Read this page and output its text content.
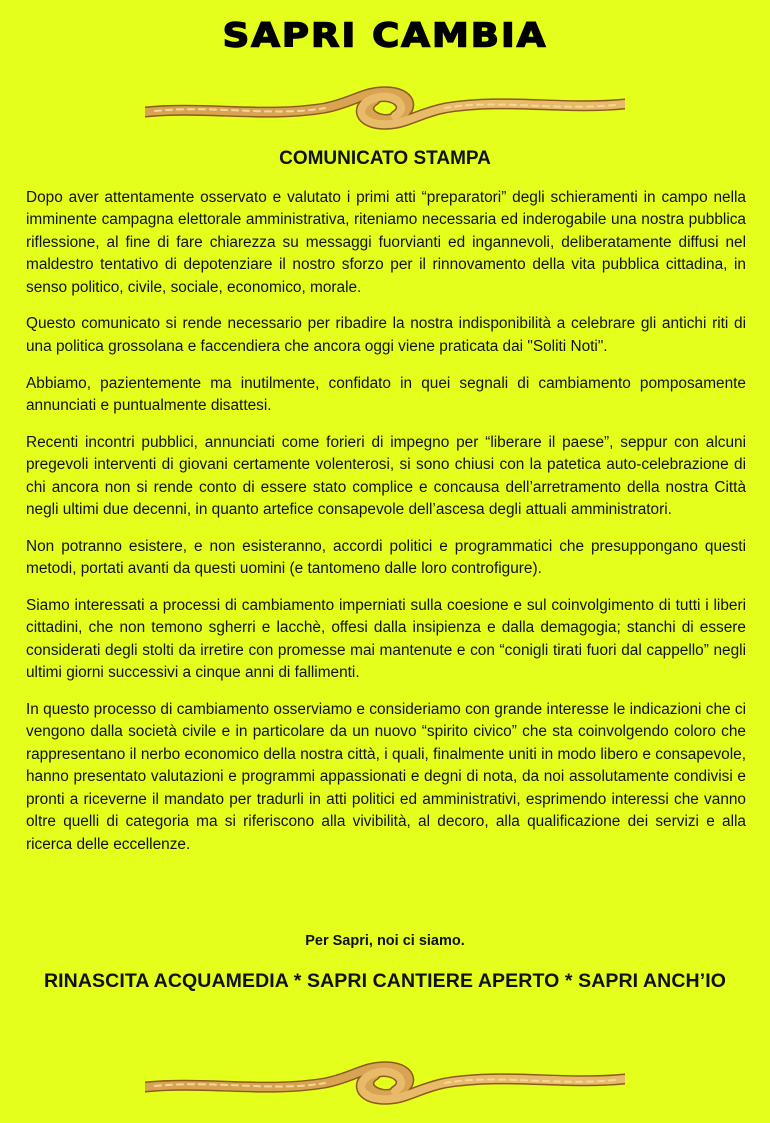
SAPRI CAMBIA
COMUNICATO STAMPA

Dopo aver attentamente osservato e valutato i primi atti “preparatori” degli schieramenti in campo nella imminente campagna elettorale amministrativa, riteniamo necessaria ed inderogabile una nostra pubblica riflessione, al fine di fare chiarezza su messaggi fuorvianti ed ingannevoli, deliberatamente diffusi nel maldestro tentativo di depotenziare il nostro sforzo per il rinnovamento della vita pubblica cittadina, in senso politico, civile, sociale, economico, morale.

Questo comunicato si rende necessario per ribadire la nostra indisponibilità a celebrare gli antichi riti di una politica grossolana e faccendiera che ancora oggi viene praticata dai "Soliti Noti".

Abbiamo, pazientemente ma inutilmente, confidato in quei segnali di cambiamento pomposamente annunciati e puntualmente disattesi.

Recenti incontri pubblici, annunciati come forieri di impegno per “liberare il paese”, seppur con alcuni pregevoli interventi di giovani certamente volenterosi, si sono chiusi con la patetica auto-celebrazione di chi ancora non si rende conto di essere stato complice e concausa dell’arretramento della nostra Città negli ultimi due decenni, in quanto artefice consapevole dell’ascesa degli attuali amministratori.

Non potranno esistere, e non esisteranno, accordi politici e programmatici che presuppongano questi metodi, portati avanti da questi uomini (e tantomeno dalle loro controfigure).

Siamo interessati a processi di cambiamento imperniati sulla coesione e sul coinvolgimento di tutti i liberi cittadini, che non temono sgherri e lacchè, offesi dalla insipienza e dalla demagogia; stanchi di essere considerati degli stolti da irretire con promesse mai mantenute e con “conigli tirati fuori dal cappello” negli ultimi giorni successivi a cinque anni di fallimenti.

In questo processo di cambiamento osserviamo e consideriamo con grande interesse le indicazioni che ci vengono dalla società civile e in particolare da un nuovo “spirito civico” che sta coinvolgendo coloro che rappresentano il nerbo economico della nostra città, i quali, finalmente uniti in modo libero e consapevole, hanno presentato valutazioni e programmi appassionati e degni di nota, da noi assolutamente condivisi e pronti a riceverne il mandato per tradurli in atti politici ed amministrativi, esprimendo interessi che vanno oltre quelli di categoria ma si riferiscono alla vivibilità, al decoro, alla qualificazione dei servizi e alla ricerca delle eccellenze.

Per Sapri, noi ci siamo.
RINASCITA ACQUAMEDIA * SAPRI CANTIERE APERTO * SAPRI ANCH’IO
